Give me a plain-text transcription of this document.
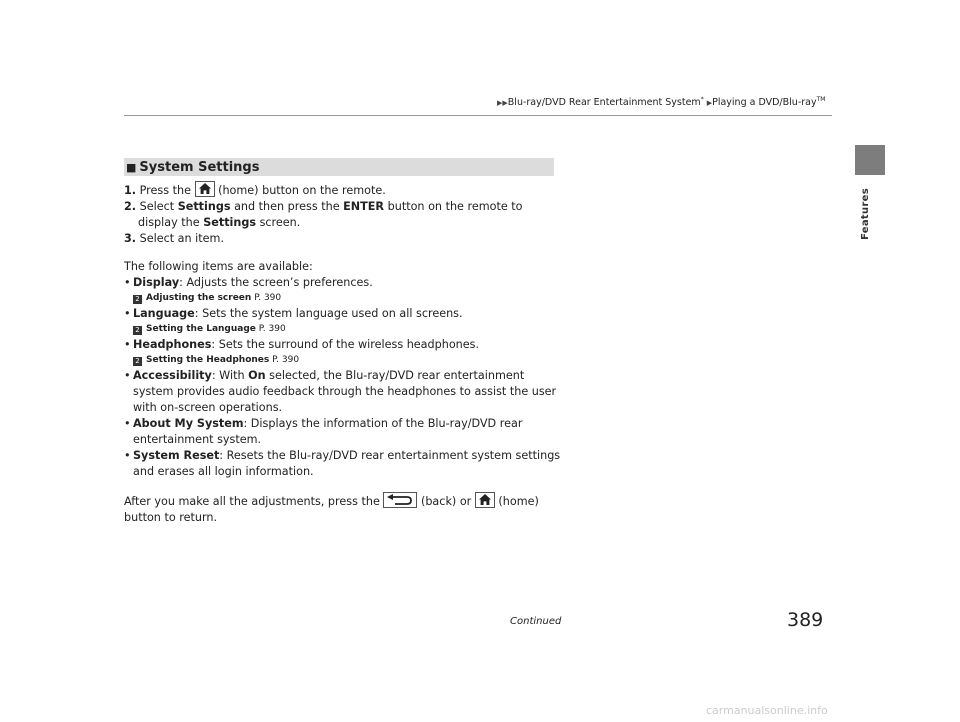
▶▶Blu-ray/DVD Rear Entertainment System* ▶Playing a DVD/Blu-ray™
Features
■ System Settings

1. Press the (home) button on the remote.

2. Select Settings and then press the ENTER button on the remote to display the Settings screen.

3. Select an item.

The following items are available:

• Display: Adjusts the screen’s preferences.

2 Adjusting the screen P. 390

• Language: Sets the system language used on all screens.

2 Setting the Language P. 390

• Headphones: Sets the surround of the wireless headphones.

2 Setting the Headphones P. 390

• Accessibility: With On selected, the Blu-ray/DVD rear entertainment system provides audio feedback through the headphones to assist the user with on-screen operations.

• About My System: Displays the information of the Blu-ray/DVD rear entertainment system.

• System Reset: Resets the Blu-ray/DVD rear entertainment system settings and erases all login information.

After you make all the adjustments, press the	(back) or (home) button to return.

Continued	389
carmanualsonline.info
